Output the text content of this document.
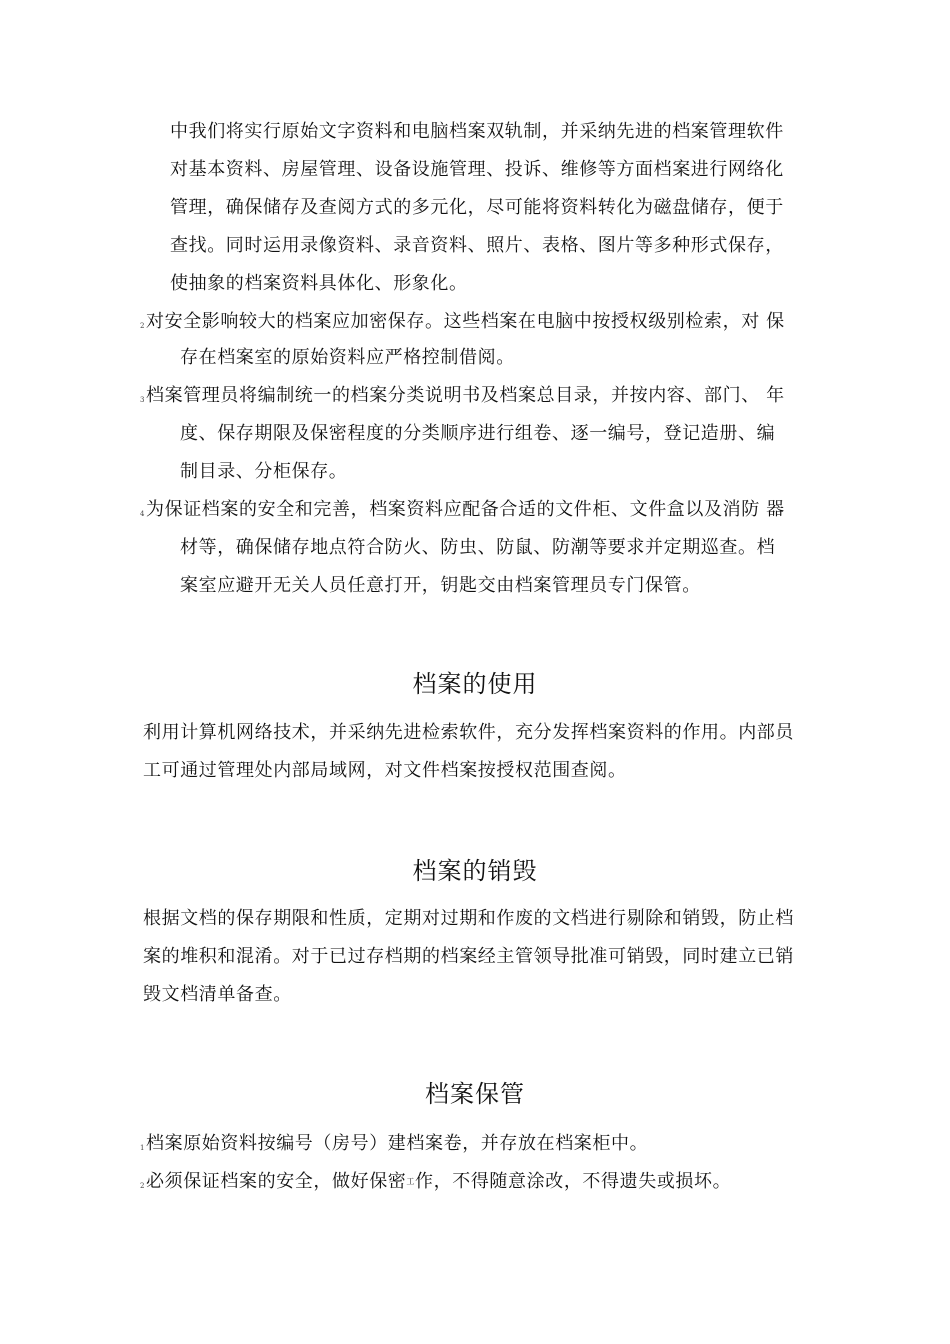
中我们将实行原始文字资料和电脑档案双轨制，并采纳先进的档案管理软件
对基本资料、房屋管理、设备设施管理、投诉、维修等方面档案进行网络化
管理，确保储存及查阅方式的多元化，尽可能将资料转化为磁盘储存，便于
查找。同时运用录像资料、录音资料、照片、表格、图片等多种形式保存，
使抽象的档案资料具体化、形象化。
2 对安全影响较大的档案应加密保存。这些档案在电脑中按授权级别检索，对 保
存在档案室的原始资料应严格控制借阅。
3 档案管理员将编制统一的档案分类说明书及档案总目录，并按内容、部门、 年
度、保存期限及保密程度的分类顺序进行组卷、逐一编号，登记造册、编
制目录、分柜保存。
4 为保证档案的安全和完善，档案资料应配备合适的文件柜、文件盒以及消防 器
材等，确保储存地点符合防火、防虫、防鼠、防潮等要求并定期巡查。档
案室应避开无关人员任意打开，钥匙交由档案管理员专门保管。
档案的使用
利用计算机网络技术，并采纳先进检索软件，充分发挥档案资料的作用。内部员
工可通过管理处内部局域网，对文件档案按授权范围查阅。
档案的销毁
根据文档的保存期限和性质，定期对过期和作废的文档进行剔除和销毁，防止档
案的堆积和混淆。对于已过存档期的档案经主管领导批准可销毁，同时建立已销
毁文档清单备查。
档案保管
1 档案原始资料按编号（房号）建档案卷，并存放在档案柜中。
2 必须保证档案的安全，做好保密工作，不得随意涂改，不得遗失或损坏。
